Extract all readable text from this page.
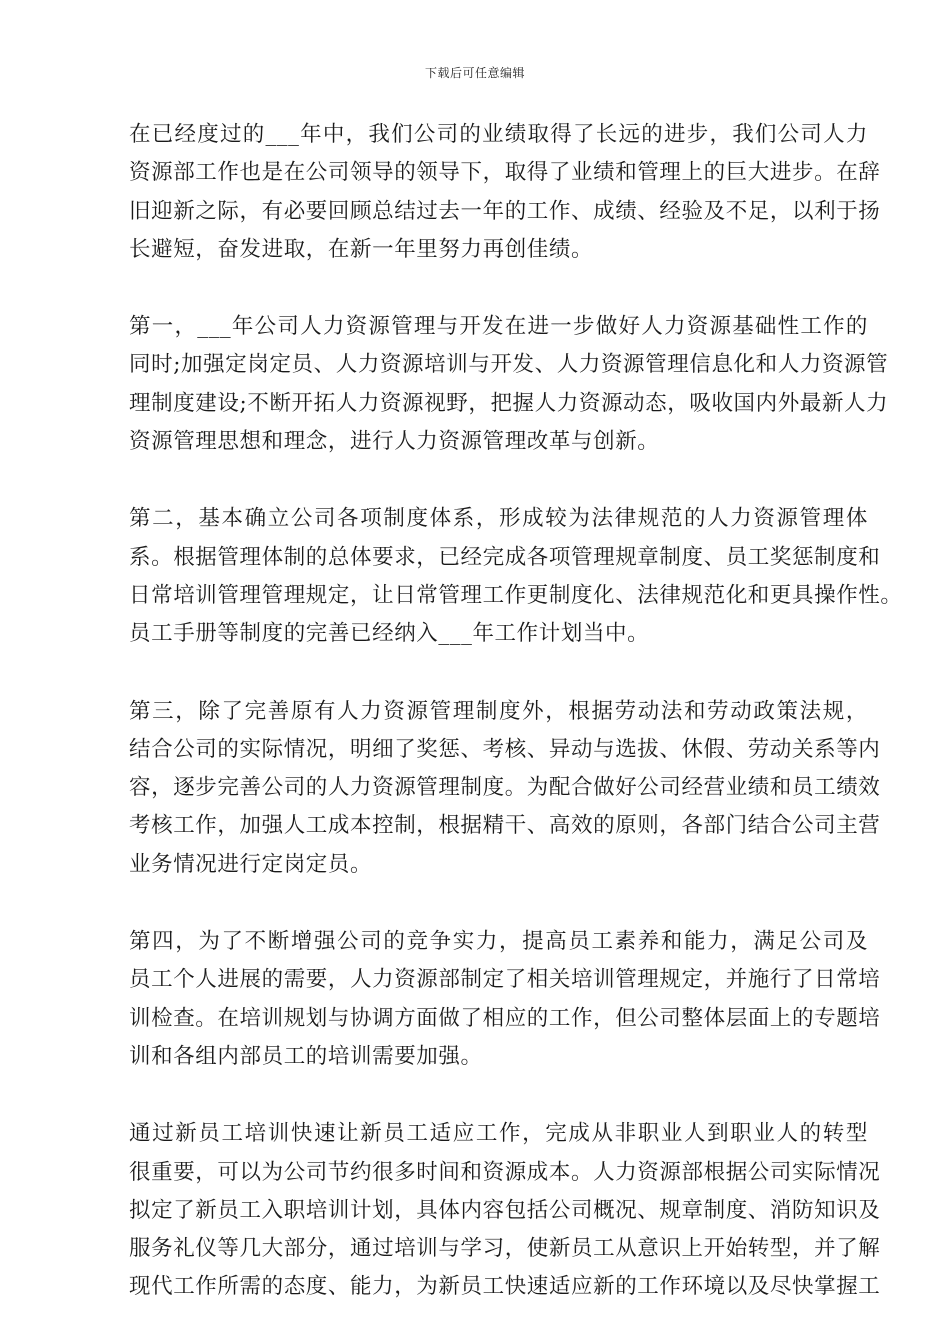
下载后可任意编辑

在已经度过的___年中，我们公司的业绩取得了长远的进步，我们公司人力
资源部工作也是在公司领导的领导下，取得了业绩和管理上的巨大进步。在辞
旧迎新之际，有必要回顾总结过去一年的工作、成绩、经验及不足，以利于扬
长避短，奋发进取，在新一年里努力再创佳绩。

第一，___年公司人力资源管理与开发在进一步做好人力资源基础性工作的
同时;加强定岗定员、人力资源培训与开发、人力资源管理信息化和人力资源管
理制度建设;不断开拓人力资源视野，把握人力资源动态，吸收国内外最新人力
资源管理思想和理念，进行人力资源管理改革与创新。

第二，基本确立公司各项制度体系，形成较为法律规范的人力资源管理体
系。根据管理体制的总体要求，已经完成各项管理规章制度、员工奖惩制度和
日常培训管理管理规定，让日常管理工作更制度化、法律规范化和更具操作性。
员工手册等制度的完善已经纳入___年工作计划当中。

第三，除了完善原有人力资源管理制度外，根据劳动法和劳动政策法规，
结合公司的实际情况，明细了奖惩、考核、异动与选拔、休假、劳动关系等内
容，逐步完善公司的人力资源管理制度。为配合做好公司经营业绩和员工绩效
考核工作，加强人工成本控制，根据精干、高效的原则，各部门结合公司主营
业务情况进行定岗定员。

第四，为了不断增强公司的竞争实力，提高员工素养和能力，满足公司及
员工个人进展的需要，人力资源部制定了相关培训管理规定，并施行了日常培
训检查。在培训规划与协调方面做了相应的工作，但公司整体层面上的专题培
训和各组内部员工的培训需要加强。

通过新员工培训快速让新员工适应工作，完成从非职业人到职业人的转型
很重要，可以为公司节约很多时间和资源成本。人力资源部根据公司实际情况
拟定了新员工入职培训计划，具体内容包括公司概况、规章制度、消防知识及
服务礼仪等几大部分，通过培训与学习，使新员工从意识上开始转型，并了解
现代工作所需的态度、能力，为新员工快速适应新的工作环境以及尽快掌握工
